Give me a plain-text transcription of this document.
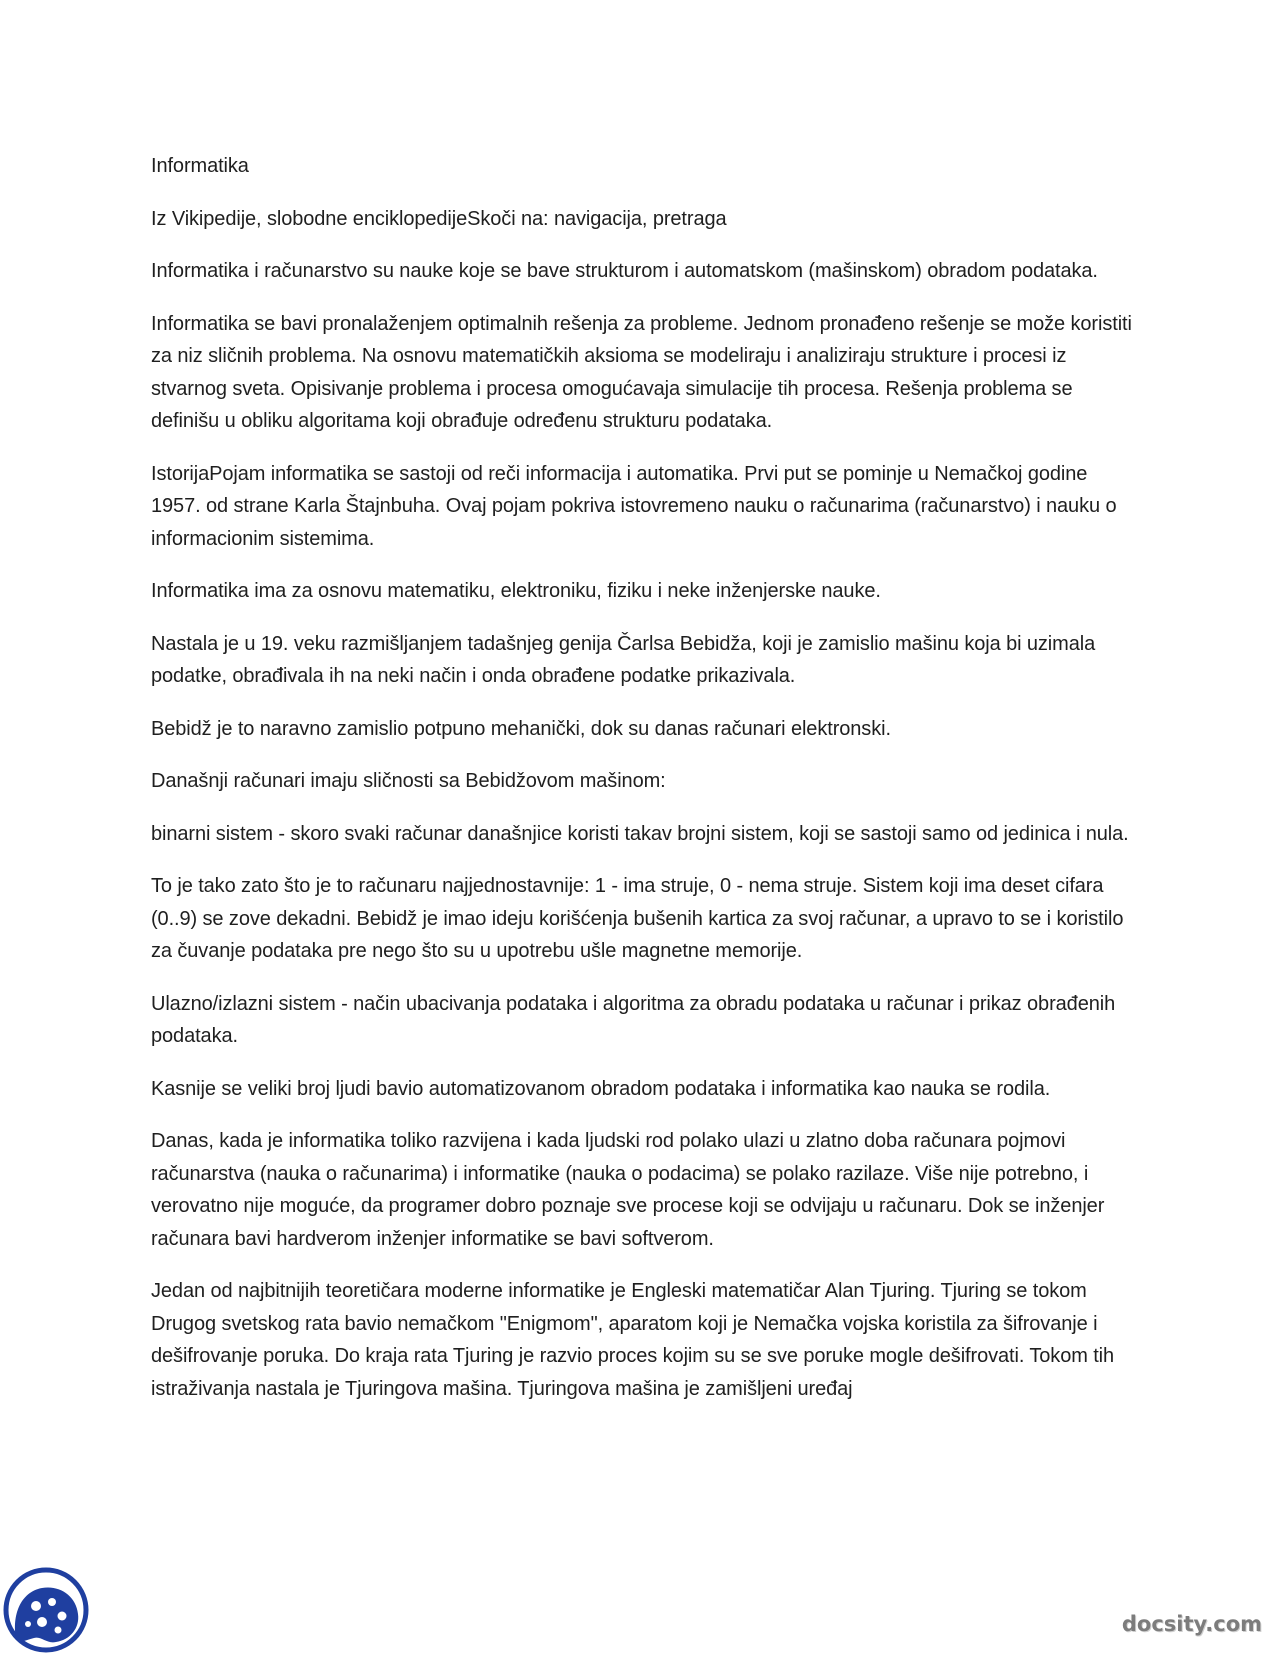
Informatika

Iz Vikipedije, slobodne enciklopedijeSkoči na: navigacija, pretraga

Informatika i računarstvo su nauke koje se bave strukturom i automatskom (mašinskom) obradom podataka.

Informatika se bavi pronalaženjem optimalnih rešenja za probleme. Jednom pronađeno rešenje se može koristiti za niz sličnih problema. Na osnovu matematičkih aksioma se modeliraju i analiziraju strukture i procesi iz stvarnog sveta. Opisivanje problema i procesa omogućavaja simulacije tih procesa. Rešenja problema se definišu u obliku algoritama koji obrađuje određenu strukturu podataka.

IstorijaPojam informatika se sastoji od reči informacija i automatika. Prvi put se pominje u Nemačkoj godine 1957. od strane Karla Štajnbuha. Ovaj pojam pokriva istovremeno nauku o računarima (računarstvo) i nauku o informacionim sistemima.

Informatika ima za osnovu matematiku, elektroniku, fiziku i neke inženjerske nauke.

Nastala je u 19. veku razmišljanjem tadašnjeg genija Čarlsa Bebidža, koji je zamislio mašinu koja bi uzimala podatke, obrađivala ih na neki način i onda obrađene podatke prikazivala.

Bebidž je to naravno zamislio potpuno mehanički, dok su danas računari elektronski.

Današnji računari imaju sličnosti sa Bebidžovom mašinom:

binarni sistem - skoro svaki računar današnjice koristi takav brojni sistem, koji se sastoji samo od jedinica i nula.

To je tako zato što je to računaru najjednostavnije: 1 - ima struje, 0 - nema struje. Sistem koji ima deset cifara (0..9) se zove dekadni. Bebidž je imao ideju korišćenja bušenih kartica za svoj računar, a upravo to se i koristilo za čuvanje podataka pre nego što su u upotrebu ušle magnetne memorije.

Ulazno/izlazni sistem - način ubacivanja podataka i algoritma za obradu podataka u računar i prikaz obrađenih podataka.

Kasnije se veliki broj ljudi bavio automatizovanom obradom podataka i informatika kao nauka se rodila.

Danas, kada je informatika toliko razvijena i kada ljudski rod polako ulazi u zlatno doba računara pojmovi računarstva (nauka o računarima) i informatike (nauka o podacima) se polako razilaze. Više nije potrebno, i verovatno nije moguće, da programer dobro poznaje sve procese koji se odvijaju u računaru. Dok se inženjer računara bavi hardverom inženjer informatike se bavi softverom.

Jedan od najbitnijih teoretičara moderne informatike je Engleski matematičar Alan Tjuring. Tjuring se tokom Drugog svetskog rata bavio nemačkom "Enigmom", aparatom koji je Nemačka vojska koristila za šifrovanje i dešifrovanje poruka. Do kraja rata Tjuring je razvio proces kojim su se sve poruke mogle dešifrovati. Tokom tih istraživanja nastala je Tjuringova mašina. Tjuringova mašina je zamišljeni uređaj

docsity.com
